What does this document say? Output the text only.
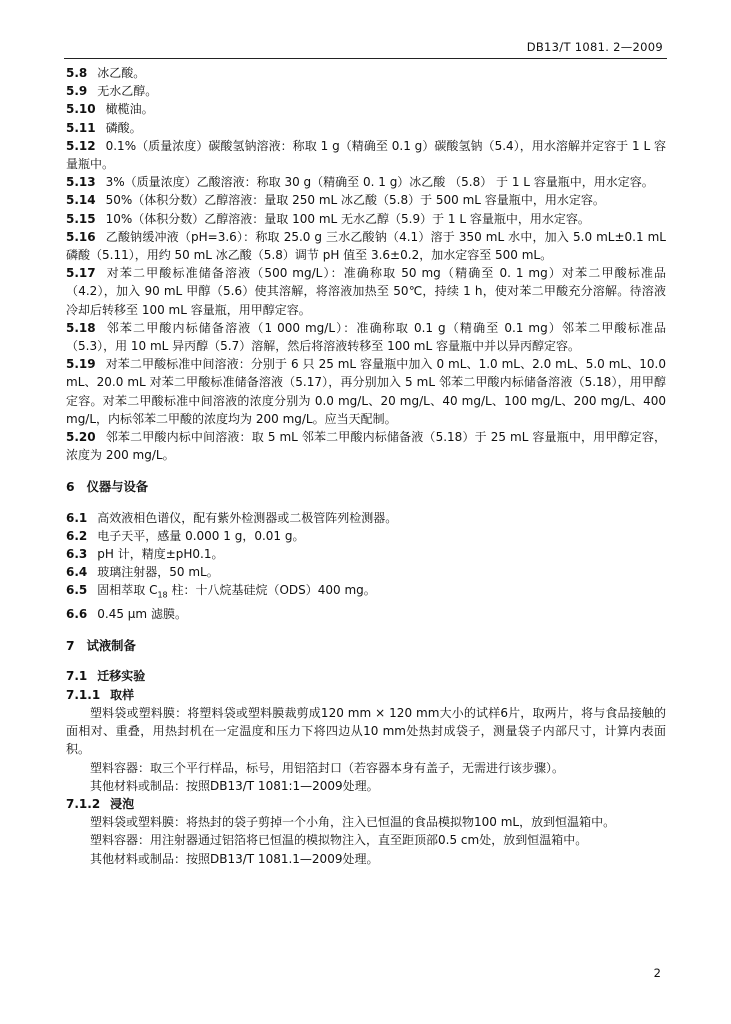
DB13/T 1081. 2—2009

5.8 冰乙酸。

5.9 无水乙醇。

5.10 橄榄油。

5.11 磷酸。

5.12 0.1%（质量浓度）碳酸氢钠溶液：称取 1 g（精确至 0.1 g）碳酸氢钠（5.4），用水溶解并定容于 1 L 容量瓶中。

5.13 3%（质量浓度）乙酸溶液：称取 30 g（精确至 0. 1 g）冰乙酸 （5.8） 于 1 L 容量瓶中，用水定容。

5.14 50%（体积分数）乙醇溶液：量取 250 mL 冰乙酸（5.8）于 500 mL 容量瓶中，用水定容。

5.15 10%（体积分数）乙醇溶液：量取 100 mL 无水乙醇（5.9）于 1 L 容量瓶中，用水定容。

5.16 乙酸钠缓冲液（pH=3.6）：称取 25.0 g 三水乙酸钠（4.1）溶于 350 mL 水中，加入 5.0 mL±0.1 mL 磷酸（5.11），用约 50 mL 冰乙酸（5.8）调节 pH 值至 3.6±0.2，加水定容至 500 mL。

5.17 对苯二甲酸标准储备溶液（500 mg/L）：准确称取 50 mg（精确至 0. 1 mg）对苯二甲酸标准品（4.2），加入 90 mL 甲醇（5.6）使其溶解，将溶液加热至 50℃，持续 1 h，使对苯二甲酸充分溶解。待溶液冷却后转移至 100 mL 容量瓶，用甲醇定容。

5.18 邻苯二甲酸内标储备溶液（1 000 mg/L）：准确称取 0.1 g（精确至 0.1 mg）邻苯二甲酸标准品（5.3），用 10 mL 异丙醇（5.7）溶解，然后将溶液转移至 100 mL 容量瓶中并以异丙醇定容。

5.19 对苯二甲酸标准中间溶液：分别于 6 只 25 mL 容量瓶中加入 0 mL、1.0 mL、2.0 mL、5.0 mL、10.0 mL、20.0 mL 对苯二甲酸标准储备溶液（5.17），再分别加入 5 mL 邻苯二甲酸内标储备溶液（5.18），用甲醇定容。对苯二甲酸标准中间溶液的浓度分别为 0.0 mg/L、20 mg/L、40 mg/L、100 mg/L、200 mg/L、400 mg/L，内标邻苯二甲酸的浓度均为 200 mg/L。应当天配制。

5.20 邻苯二甲酸内标中间溶液：取 5 mL 邻苯二甲酸内标储备液（5.18）于 25 mL 容量瓶中，用甲醇定容，浓度为 200 mg/L。

6 仪器与设备

6.1 高效液相色谱仪，配有紫外检测器或二极管阵列检测器。

6.2 电子天平，感量 0.000 1 g，0.01 g。

6.3 pH 计，精度±pH0.1。

6.4 玻璃注射器，50 mL。

6.5 固相萃取 $C_{18}$ 柱：十八烷基硅烷（ODS）400 mg。

6.6 0.45 μm 滤膜。

7 试液制备

7.1 迁移实验

7.1.1 取样

塑料袋或塑料膜：将塑料袋或塑料膜裁剪成120 mm × 120 mm大小的试样6片，取两片，将与食品接触的面相对、重叠，用热封机在一定温度和压力下将四边从10 mm处热封成袋子，测量袋子内部尺寸，计算内表面积。

塑料容器：取三个平行样品，标号，用铝箔封口（若容器本身有盖子，无需进行该步骤）。

其他材料或制品：按照DB13/T 1081:1—2009处理。

7.1.2 浸泡

塑料袋或塑料膜：将热封的袋子剪掉一个小角，注入已恒温的食品模拟物100 mL，放到恒温箱中。

塑料容器：用注射器通过铝箔将已恒温的模拟物注入，直至距顶部0.5 cm处，放到恒温箱中。

其他材料或制品：按照DB13/T 1081.1—2009处理。

2
